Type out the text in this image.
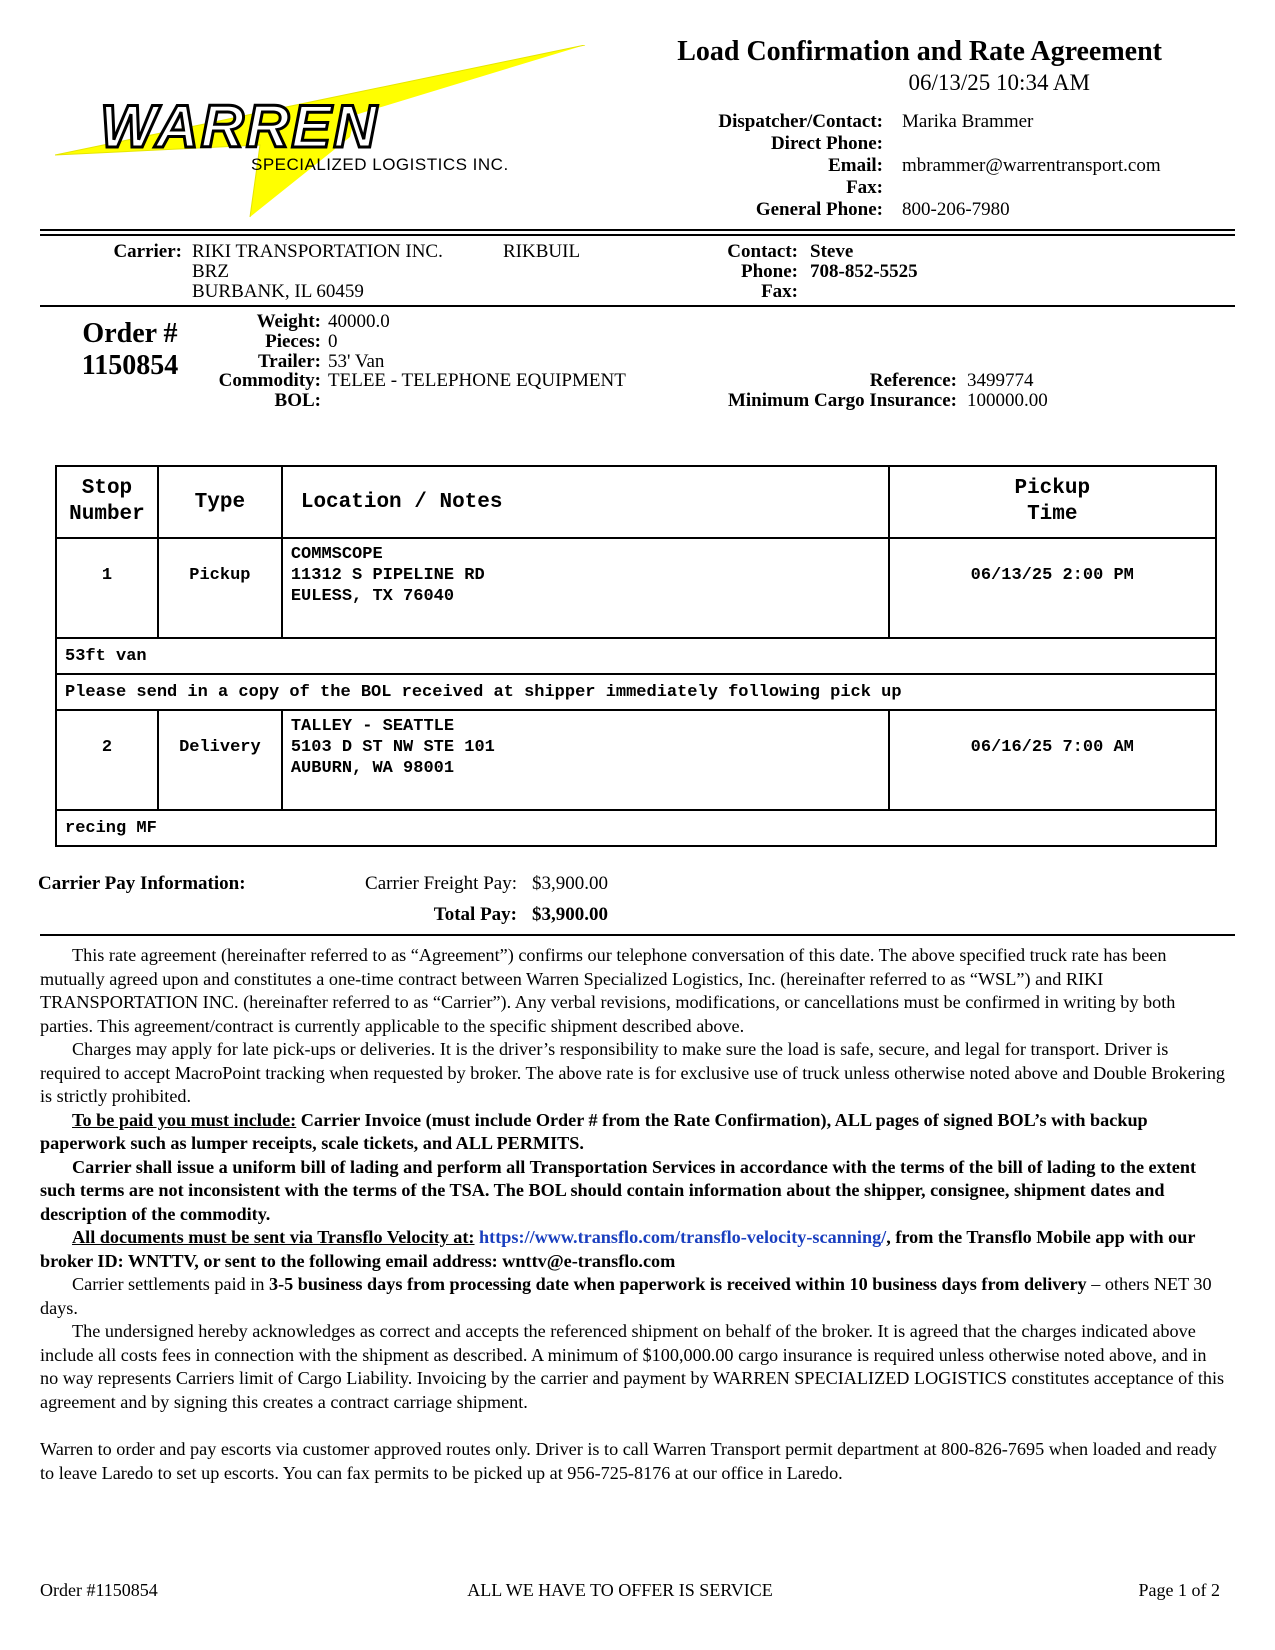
WARREN
SPECIALIZED LOGISTICS INC.
Load Confirmation and Rate Agreement
06/13/25 10:34 AM
Dispatcher/Contact: Marika Brammer
Direct Phone:
Email: mbrammer@warrentransport.com
Fax:
General Phone: 800-206-7980
Carrier: RIKI TRANSPORTATION INC.	RIKBUIL
BRZ
BURBANK, IL 60459
Contact: Steve
Phone: 708-852-5525
Fax:
Order #
1150854
Weight: 40000.0
Pieces: 0
Trailer: 53' Van
Commodity: TELEE - TELEPHONE EQUIPMENT
BOL:
Reference: 3499774
Minimum Cargo Insurance: 100000.00
Stop
Number	Type	Location / Notes	Pickup
Time

1	Pickup	COMMSCOPE
11312 S PIPELINE RD
EULESS, TX 76040	06/13/25 2:00 PM

53ft van			

Please send in a copy of the BOL received at shipper immediately following pick up			

2	Delivery	TALLEY - SEATTLE
5103 D ST NW STE 101
AUBURN, WA 98001	06/16/25 7:00 AM

recing MF			
Carrier Pay Information:	Carrier Freight Pay: $3,900.00
Total Pay: $3,900.00

This rate agreement (hereinafter referred to as “Agreement”) confirms our telephone conversation of this date. The above specified truck rate has been mutually agreed upon and constitutes a one-time contract between Warren Specialized Logistics, Inc. (hereinafter referred to as “WSL”) and RIKI TRANSPORTATION INC. (hereinafter referred to as “Carrier”). Any verbal revisions, modifications, or cancellations must be confirmed in writing by both parties. This agreement/contract is currently applicable to the specific shipment described above.

Charges may apply for late pick-ups or deliveries. It is the driver’s responsibility to make sure the load is safe, secure, and legal for transport. Driver is required to accept MacroPoint tracking when requested by broker. The above rate is for exclusive use of truck unless otherwise noted above and Double Brokering is strictly prohibited.

To be paid you must include: Carrier Invoice (must include Order # from the Rate Confirmation), ALL pages of signed BOL’s with backup paperwork such as lumper receipts, scale tickets, and ALL PERMITS.

Carrier shall issue a uniform bill of lading and perform all Transportation Services in accordance with the terms of the bill of lading to the extent such terms are not inconsistent with the terms of the TSA. The BOL should contain information about the shipper, consignee, shipment dates and description of the commodity.

All documents must be sent via Transflo Velocity at: https://www.transflo.com/transflo-velocity-scanning/, from the Transflo Mobile app with our broker ID: WNTTV, or sent to the following email address: wnttv@e-transflo.com

Carrier settlements paid in 3-5 business days from processing date when paperwork is received within 10 business days from delivery – others NET 30 days.

The undersigned hereby acknowledges as correct and accepts the referenced shipment on behalf of the broker. It is agreed that the charges indicated above include all costs fees in connection with the shipment as described. A minimum of $100,000.00 cargo insurance is required unless otherwise noted above, and in no way represents Carriers limit of Cargo Liability. Invoicing by the carrier and payment by WARREN SPECIALIZED LOGISTICS constitutes acceptance of this agreement and by signing this creates a contract carriage shipment.

Warren to order and pay escorts via customer approved routes only. Driver is to call Warren Transport permit department at 800-826-7695 when loaded and ready to leave Laredo to set up escorts. You can fax permits to be picked up at 956-725-8176 at our office in Laredo.

Order #1150854	ALL WE HAVE TO OFFER IS SERVICE	Page 1 of 2
